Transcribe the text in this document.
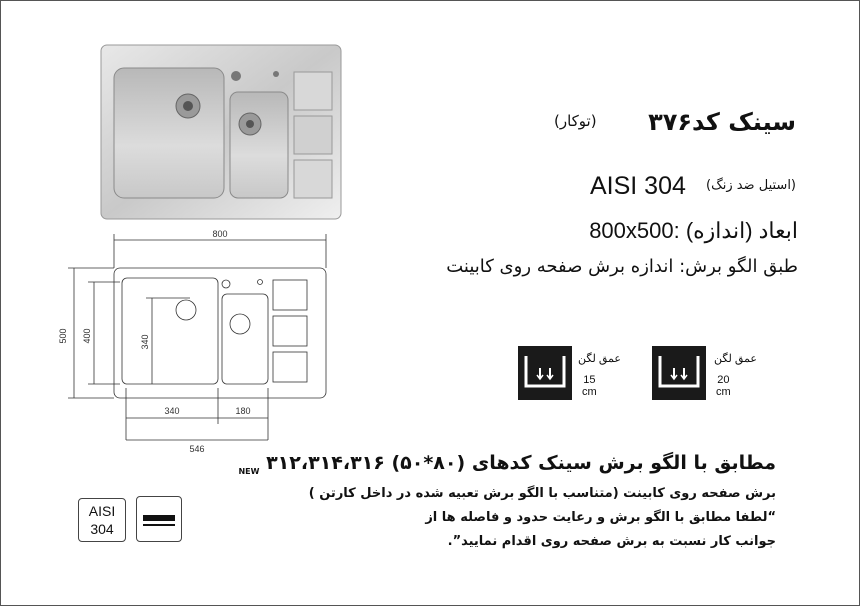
800
500 400	340
340	180
546
سینک کد۳۷۶
(توکار)
AISI 304 (استیل ضد زنگ)
800x500: ابعاد (اندازه)
طبق الگو برش: اندازه برش صفحه روی کابینت
عمق لگن
20 cm
عمق لگن
15 cm
مطابق با الگو برش سینک کدهای $_{NEW}$ ۳۱۲،۳۱۴،۳۱۶ (۵۰*۸۰)
برش صفحه روی کابینت (متناسب با الگو برش تعبیه شده در داخل کارتن )
“لطفا مطابق با الگو برش و رعایت حدود و فاصله ها از
جوانب کار نسبت به برش صفحه روی اقدام نمایید”.
AISI
304
